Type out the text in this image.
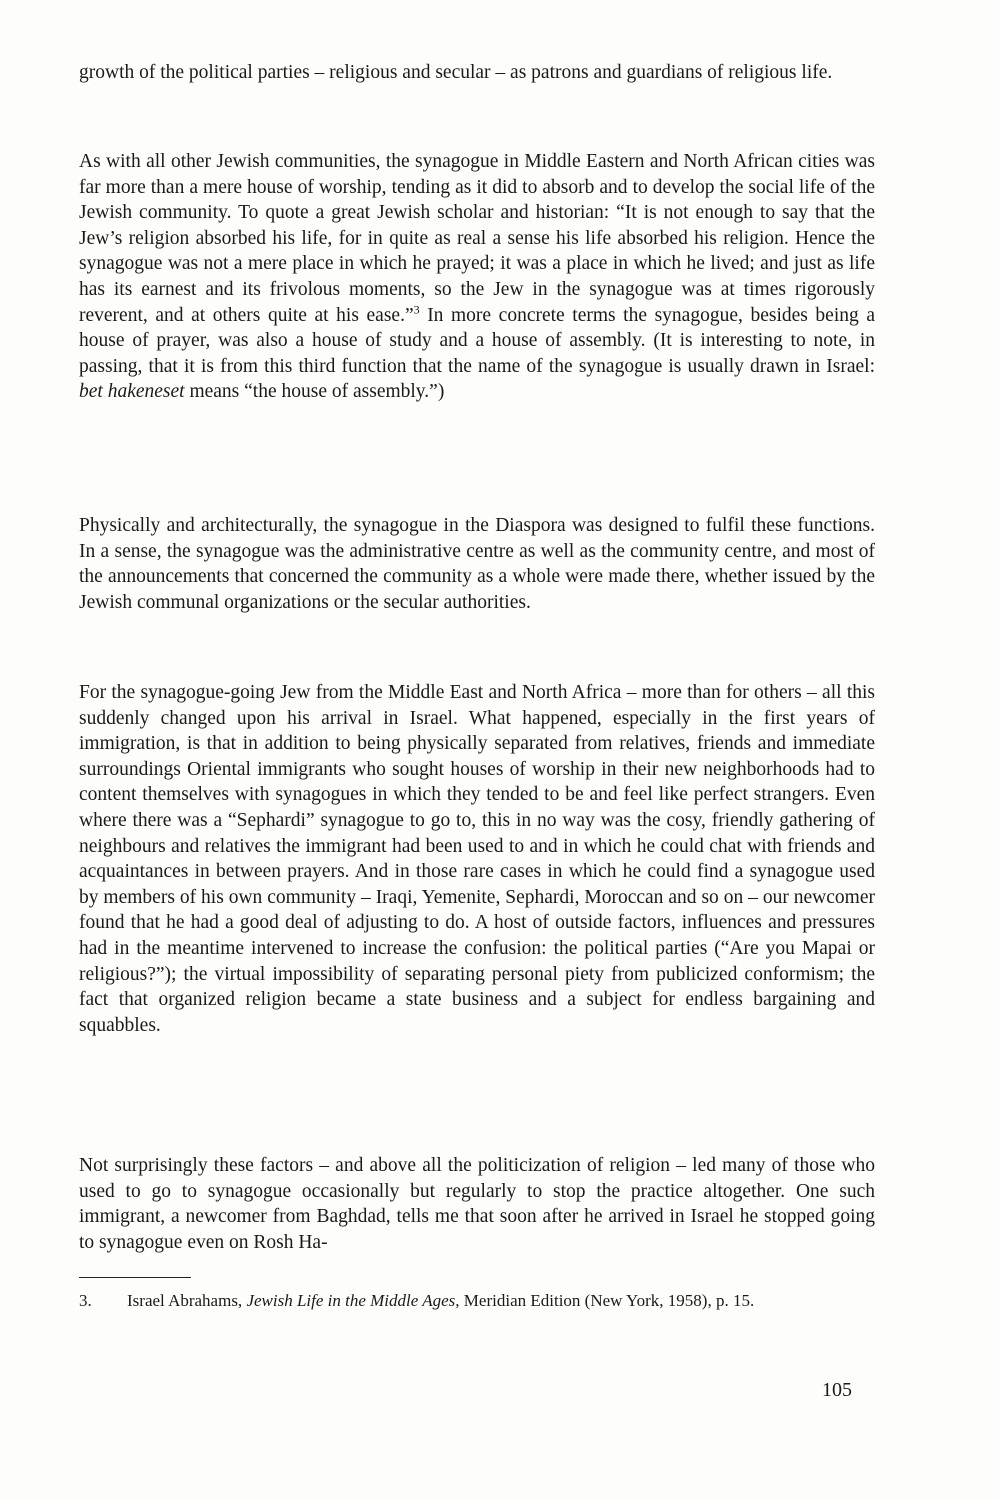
growth of the political parties – religious and secular – as patrons and guardians of religious life.
As with all other Jewish communities, the synagogue in Middle Eastern and North African cities was far more than a mere house of worship, tending as it did to absorb and to develop the social life of the Jewish community. To quote a great Jewish scholar and historian: “It is not enough to say that the Jew’s religion absorbed his life, for in quite as real a sense his life absorbed his religion. Hence the synagogue was not a mere place in which he prayed; it was a place in which he lived; and just as life has its earnest and its frivolous moments, so the Jew in the synagogue was at times rigorously reverent, and at others quite at his ease.”$^3$ In more concrete terms the synagogue, besides being a house of prayer, was also a house of study and a house of assembly. (It is interesting to note, in passing, that it is from this third function that the name of the synagogue is usually drawn in Israel: bet hakeneset means “the house of assembly.”)
Physically and architecturally, the synagogue in the Diaspora was designed to fulfil these functions. In a sense, the synagogue was the administrative centre as well as the community centre, and most of the announcements that concerned the community as a whole were made there, whether issued by the Jewish communal organizations or the secular authorities.
For the synagogue-going Jew from the Middle East and North Africa – more than for others – all this suddenly changed upon his arrival in Israel. What happened, especially in the first years of immigration, is that in addition to being physically separated from relatives, friends and immediate surroundings Oriental immigrants who sought houses of worship in their new neighborhoods had to content themselves with synagogues in which they tended to be and feel like perfect strangers. Even where there was a “Sephardi” synagogue to go to, this in no way was the cosy, friendly gathering of neighbours and relatives the immigrant had been used to and in which he could chat with friends and acquaintances in between prayers. And in those rare cases in which he could find a synagogue used by members of his own community – Iraqi, Yemenite, Sephardi, Moroccan and so on – our newcomer found that he had a good deal of adjusting to do. A host of outside factors, influences and pressures had in the meantime intervened to increase the confusion: the political parties (“Are you Mapai or religious?”); the virtual impossibility of separating personal piety from publicized conformism; the fact that organized religion became a state business and a subject for endless bargaining and squabbles.
Not surprisingly these factors – and above all the politicization of religion – led many of those who used to go to synagogue occasionally but regularly to stop the practice altogether. One such immigrant, a newcomer from Baghdad, tells me that soon after he arrived in Israel he stopped going to synagogue even on Rosh Ha-
3. Israel Abrahams, Jewish Life in the Middle Ages, Meridian Edition (New York, 1958), p. 15.
105
